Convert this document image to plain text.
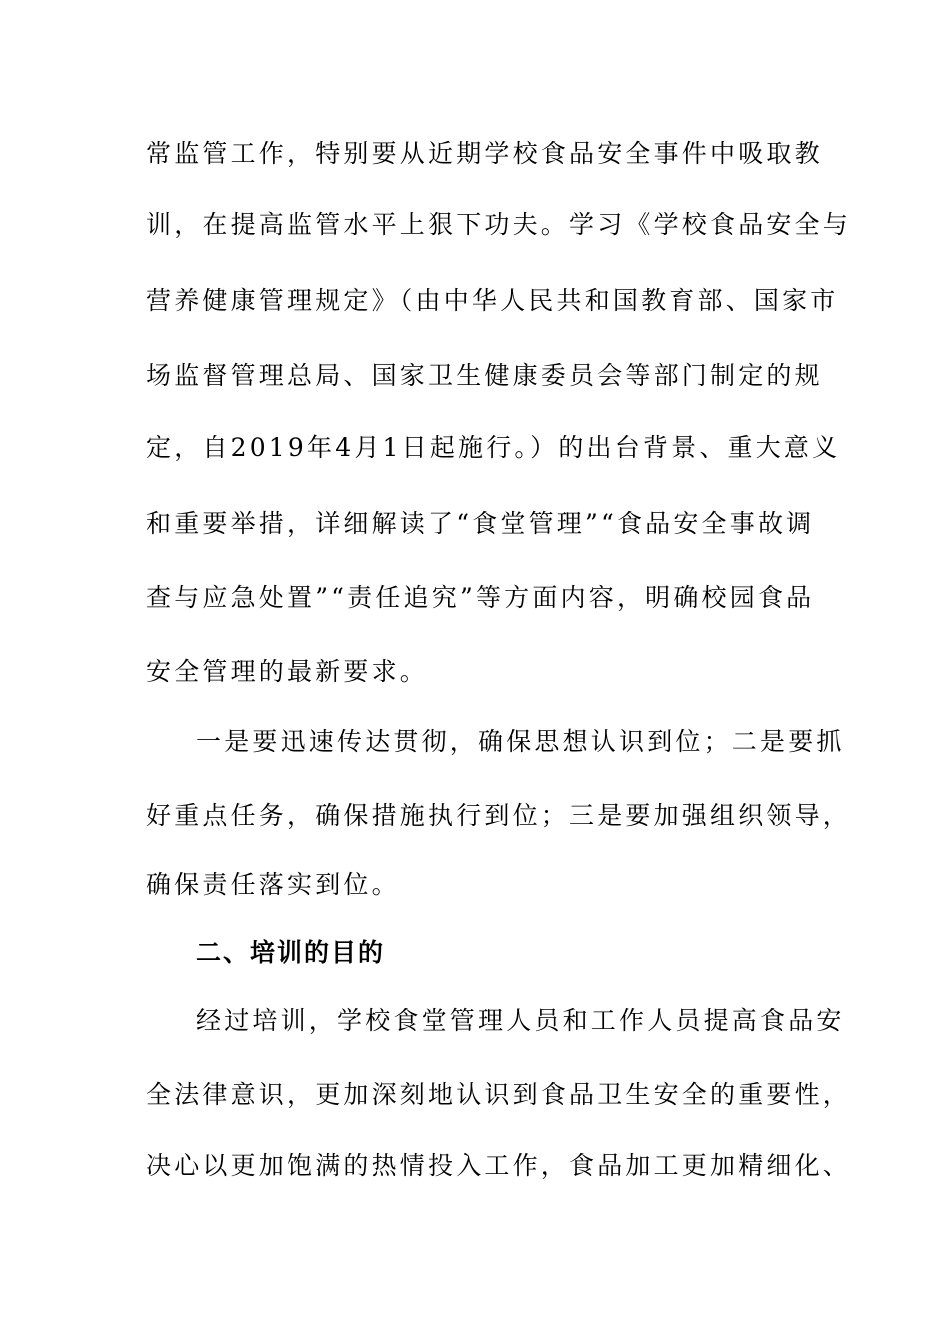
常监管工作，特别要从近期学校食品安全事件中吸取教
训，在提高监管水平上狠下功夫。学习《学校食品安全与
营养健康管理规定》（由中华人民共和国教育部、国家市
场监督管理总局、国家卫生健康委员会等部门制定的规
定，自2019年4月1日起施行。）的出台背景、重大意义
和重要举措，详细解读了“食堂管理”“食品安全事故调
查与应急处置”“责任追究”等方面内容，明确校园食品
安全管理的最新要求。
一是要迅速传达贯彻，确保思想认识到位；二是要抓
好重点任务，确保措施执行到位；三是要加强组织领导，
确保责任落实到位。
二、培训的目的
经过培训，学校食堂管理人员和工作人员提高食品安
全法律意识，更加深刻地认识到食品卫生安全的重要性，
决心以更加饱满的热情投入工作，食品加工更加精细化、
